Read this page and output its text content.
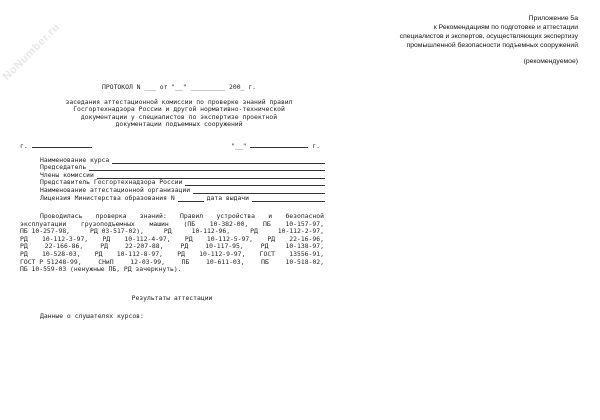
NoNumber.ru
Приложение 5а
к Рекомендациям по подготовке и аттестации
специалистов и экспертов, осуществляющих экспертизу
промышленной безопасности подъемных сооружений
(рекомендуемое)
ПРОТОКОЛ N ___ от "__" _________ 200_ г.
заседания аттестационной комиссии по проверке знаний правил
Госгортехнадзора России и другой нормативно-технической
документации у специалистов по экспертизе проектной
документации подъемных сооружений
г.	"__"	г.
Наименование курса
Председатель
Члены комиссии
Представитель Госгортехнадзора России
Наименование аттестационной организации
Лицензия Министерства образования N	дата выдачи
Проводилась проверка знаний: Правил устройства и безопасной
эксплуатации грузоподъемных машин (ПБ 10-382-00, ПБ 10-157-97,
ПБ 10-257-98,	РД 03-517-02),	РД	10-112-96,	РД	10-112-2-97,
РД 10-112-3-97, РД 10-112-4-97, РД 10-112-5-97, РД 22-16-96,
РД	22-166-86,	РД	22-207-88,	РД	10-117-95,	РД	10-138-97,
РД 10-528-03, РД 10-112-8-97, РД 10-112-9-97, ГОСТ 13556-91,
ГОСТ Р 51248-99,	СНиП	12-03-99,	ПБ	10-611-03,	ПБ	10-518-02,
ПБ 10-559-03 (ненужные ПБ, РД зачеркнуть).
Результаты аттестации
Данные о слушателях курсов:
